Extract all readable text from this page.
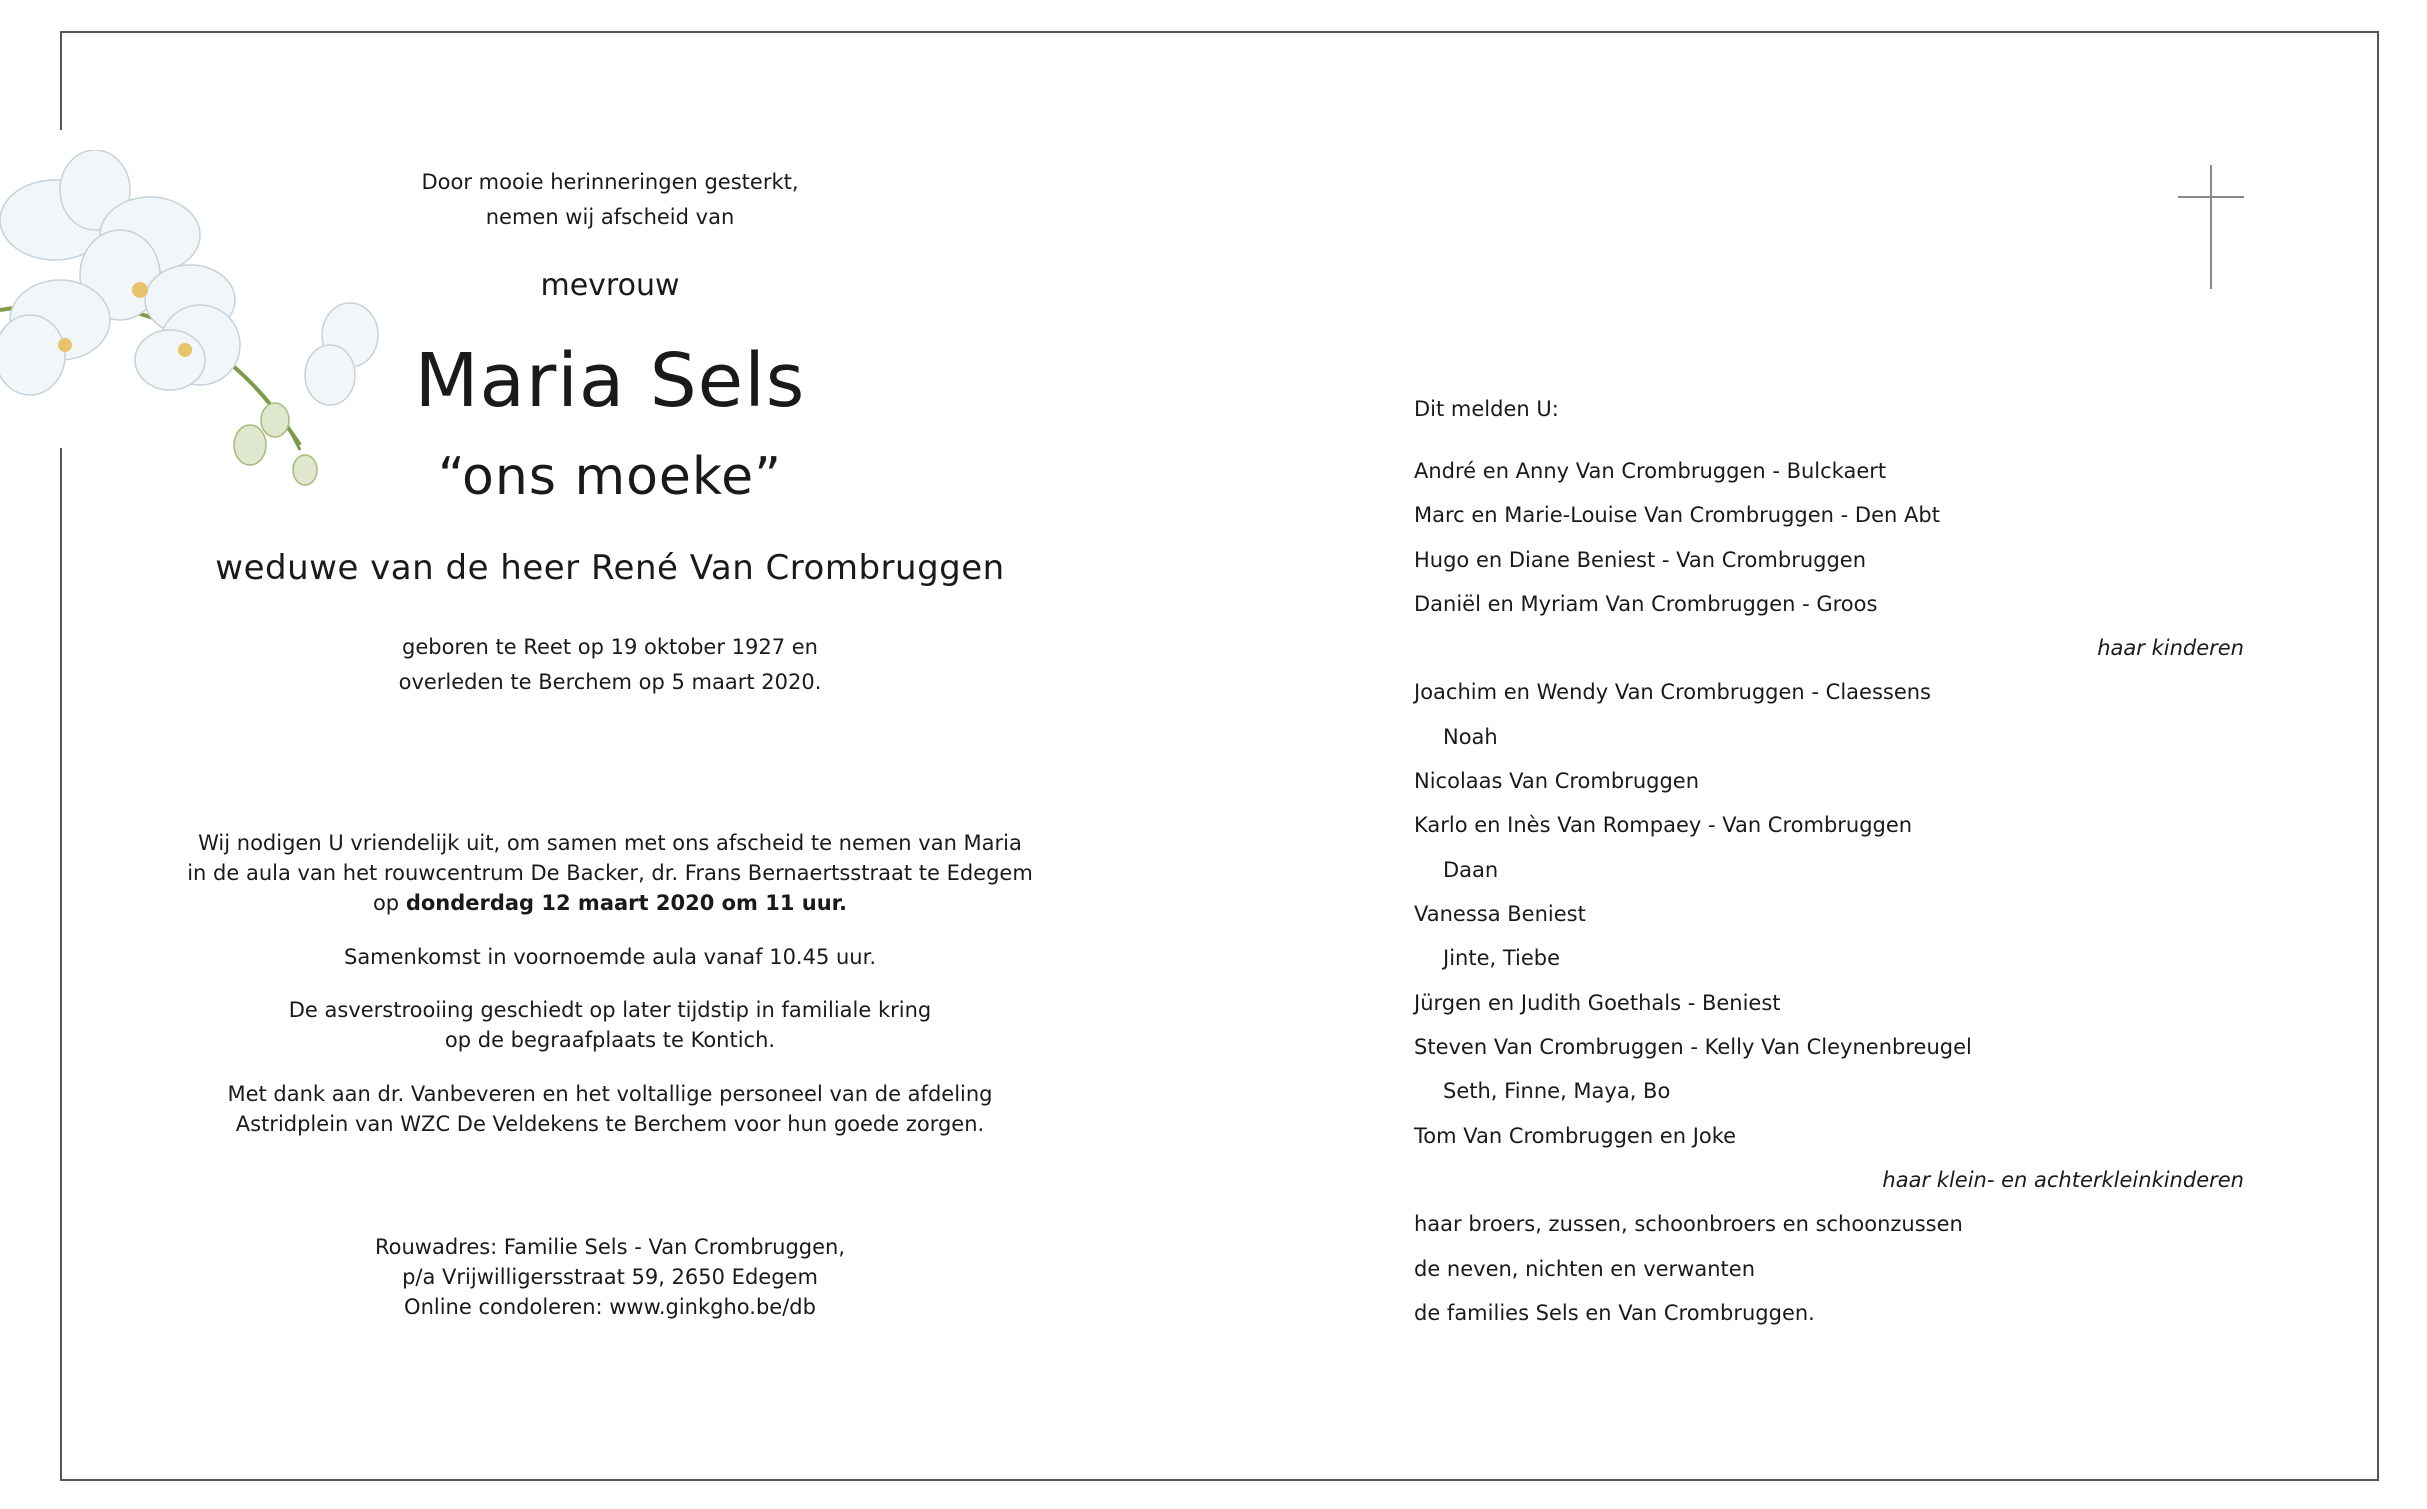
Door mooie herinneringen gesterkt,
nemen wij afscheid van
mevrouw
Maria Sels
“ons moeke”
weduwe van de heer René Van Crombruggen
geboren te Reet op 19 oktober 1927 en
overleden te Berchem op 5 maart 2020.
Wij nodigen U vriendelijk uit, om samen met ons afscheid te nemen van Maria
in de aula van het rouwcentrum De Backer, dr. Frans Bernaertsstraat te Edegem
op donderdag 12 maart 2020 om 11 uur.
Samenkomst in voornoemde aula vanaf 10.45 uur.
De asverstrooiing geschiedt op later tijdstip in familiale kring
op de begraafplaats te Kontich.
Met dank aan dr. Vanbeveren en het voltallige personeel van de afdeling
Astridplein van WZC De Veldekens te Berchem voor hun goede zorgen.
Rouwadres: Familie Sels - Van Crombruggen,
p/a Vrijwilligersstraat 59, 2650 Edegem
Online condoleren: www.ginkgho.be/db
Dit melden U:
André en Anny Van Crombruggen - Bulckaert
Marc en Marie-Louise Van Crombruggen - Den Abt
Hugo en Diane Beniest - Van Crombruggen
Daniël en Myriam Van Crombruggen - Groos
haar kinderen
Joachim en Wendy Van Crombruggen - Claessens
Noah
Nicolaas Van Crombruggen
Karlo en Inès Van Rompaey - Van Crombruggen
Daan
Vanessa Beniest
Jinte, Tiebe
Jürgen en Judith Goethals - Beniest
Steven Van Crombruggen - Kelly Van Cleynenbreugel
Seth, Finne, Maya, Bo
Tom Van Crombruggen en Joke
haar klein- en achterkleinkinderen
haar broers, zussen, schoonbroers en schoonzussen
de neven, nichten en verwanten
de families Sels en Van Crombruggen.
